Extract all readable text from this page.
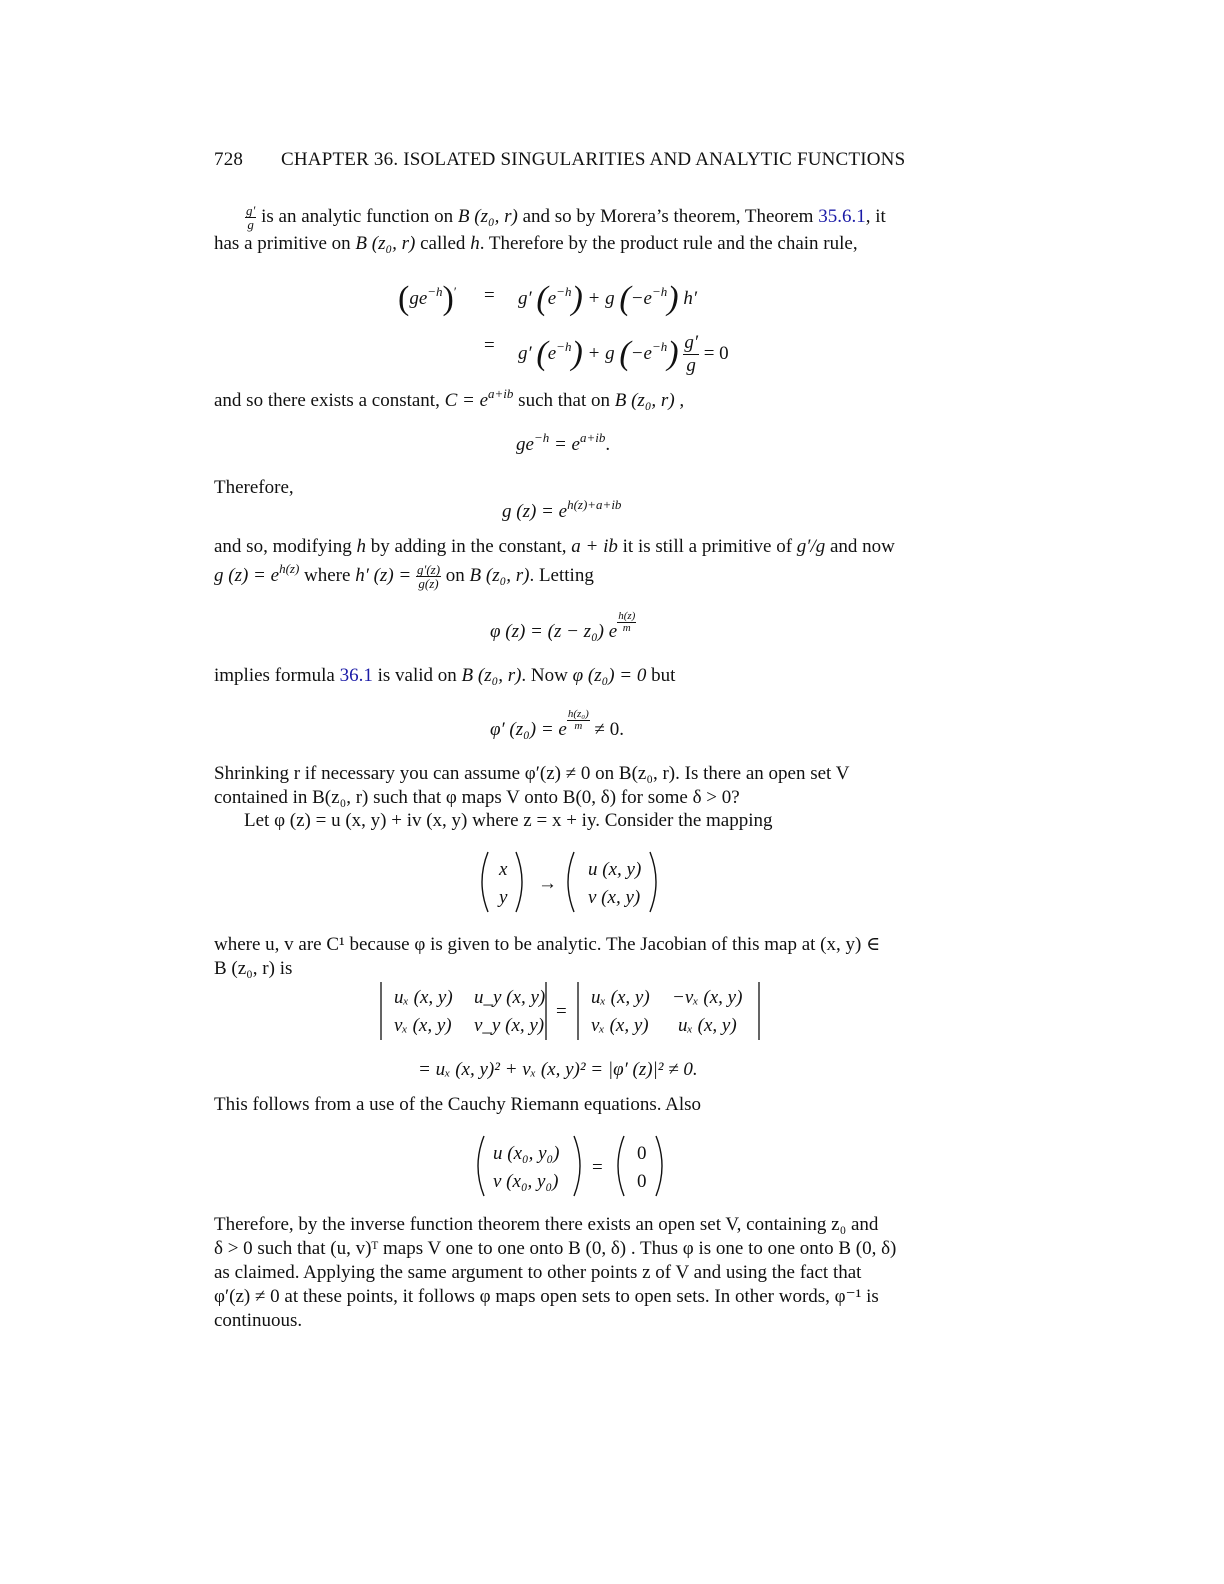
728 CHAPTER 36. ISOLATED SINGULARITIES AND ANALYTIC FUNCTIONS
$\frac{g'}{g}$ is an analytic function on B (z₀, r) and so by Morera’s theorem, Theorem 35.6.1, it
has a primitive on B (z₀, r) called h. Therefore by the product rule and the chain rule,
$(ge^{-h})' = g'$ $(e^{-h}) + g$ $(-e^{-h})$ h′
= g′ $(e^{-h}) + g$ $(-e^{-h}) \frac{g'}{g} = 0$
and so there exists a constant, $C = e^{a+ib}$ such that on B (z₀, r) ,
$ge^{-h} = e^{a+ib}$.
Therefore,
g $(z) = e^{h(z)+a+ib}$
and so, modifying h by adding in the constant, a + ib it is still a primitive of g′/g and now
g $(z) = e^{h(z)}$ where h′ $(z) = \frac{g'(z)}{g(z)}$ on B (z₀, r). Letting
φ (z) = (z − z₀) e $\frac{h(z)}{m}$
implies formula 36.1 is valid on B (z₀, r). Now φ (z₀) = 0 but
φ′ (z₀) = e $\frac{\text{h(z₀)}}{m} \ne 0$.
Shrinking r if necessary you can assume φ′(z) ≠ 0 on B(z₀, r). Is there an open set V
contained in B(z₀, r) such that φ maps V onto B(0, δ) for some δ > 0?
Let φ (z) = u (x, y) + iv (x, y) where z = x + iy. Consider the mapping
x
y
→
u (x, y)
v (x, y)
where u, v are C¹ because φ is given to be analytic. The Jacobian of this map at (x, y) ∈
B (z₀, r) is
uₓ (x, y) u_y (x, y)
vₓ (x, y) v_y (x, y)
=
uₓ (x, y) −vₓ (x, y)
vₓ (x, y) uₓ (x, y)
= uₓ (x, y)² + vₓ (x, y)² = |φ′ (z)|² ≠ 0.
This follows from a use of the Cauchy Riemann equations. Also
u (x₀, y₀)
v (x₀, y₀)
=
0
0
Therefore, by the inverse function theorem there exists an open set V, containing z₀ and
δ > 0 such that (u, v)ᵀ maps V one to one onto B (0, δ) . Thus φ is one to one onto B (0, δ)
as claimed. Applying the same argument to other points z of V and using the fact that
φ′(z) ≠ 0 at these points, it follows φ maps open sets to open sets. In other words, φ⁻¹ is
continuous.
